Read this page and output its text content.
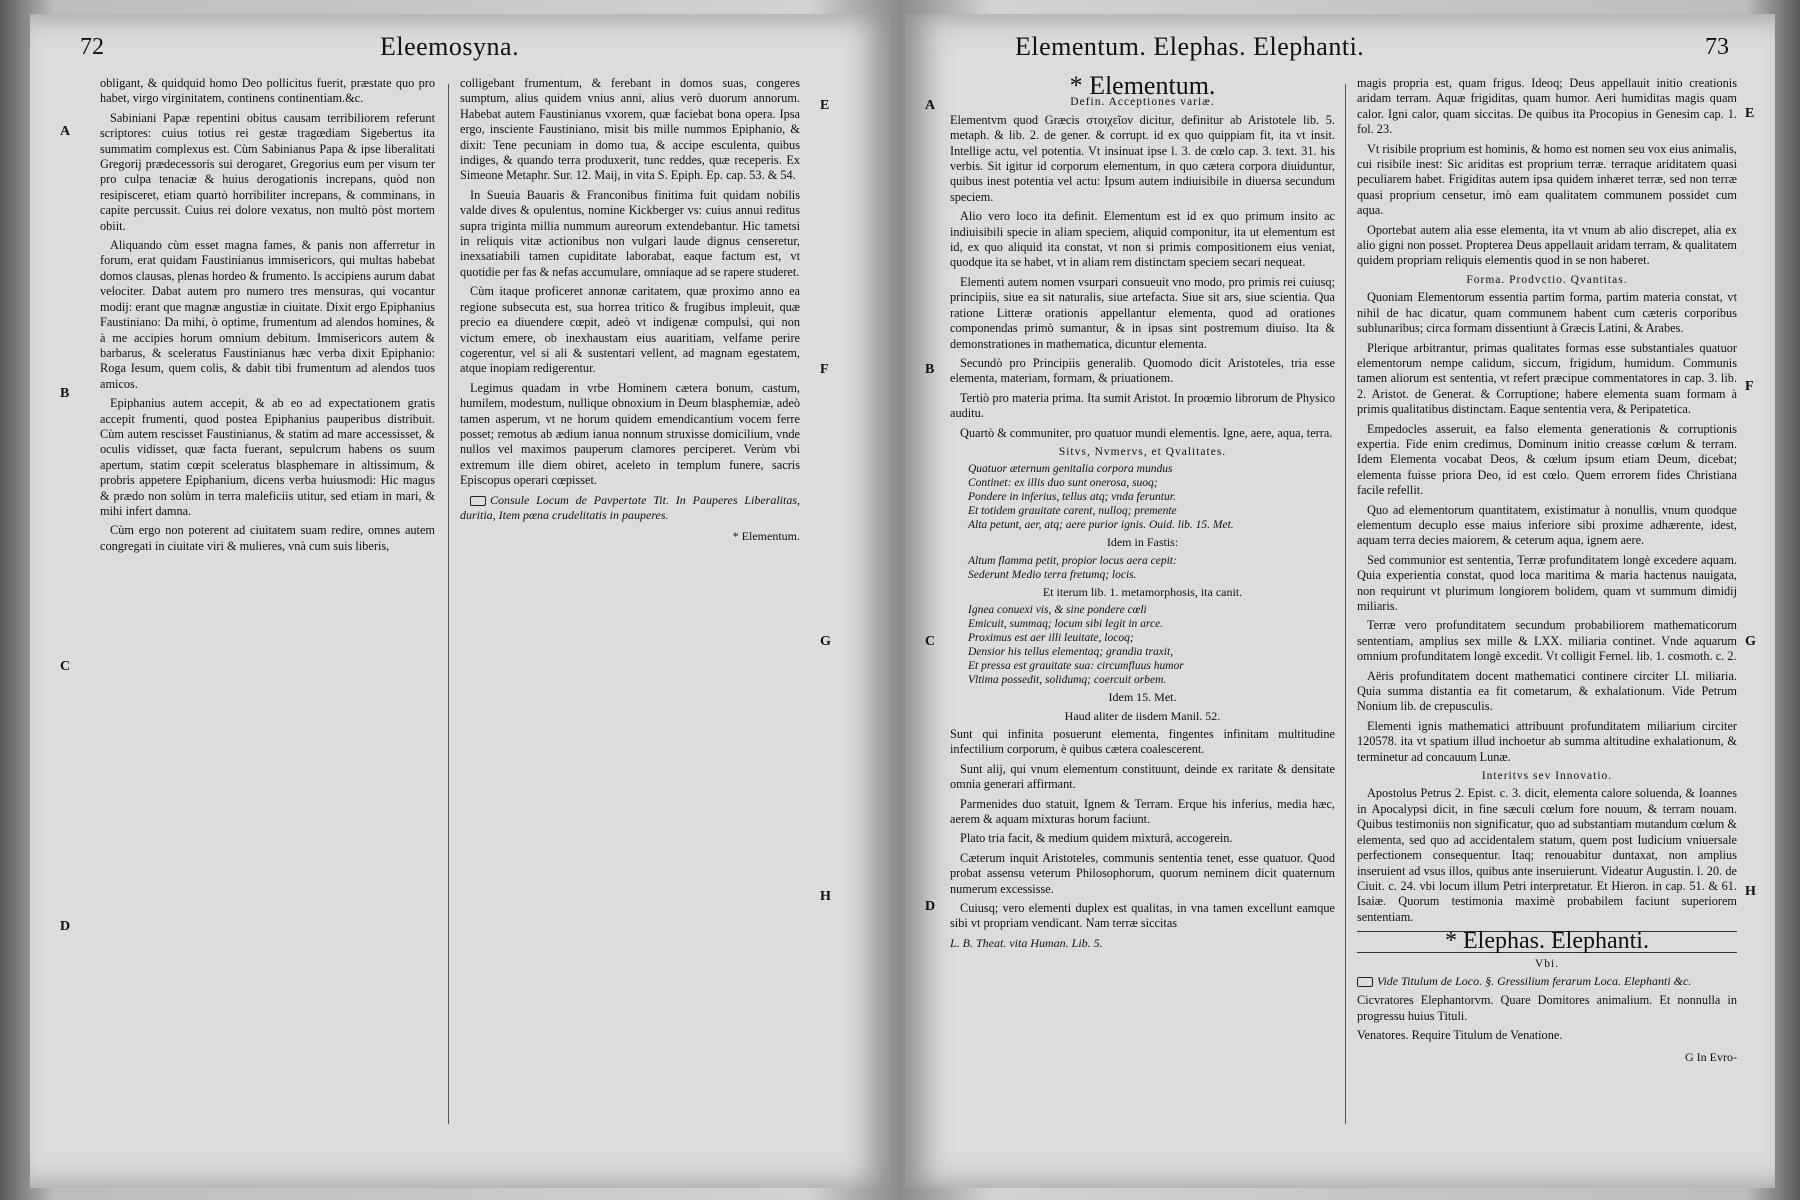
72	Eleemosyna.
A
B
C
D
E
F
G
H

obligant, & quidquid homo Deo pollicitus fuerit, præstate quo pro habet, virgo virginitatem, continens continentiam.&c.

Sabiniani Papæ repentini obitus causam terribiliorem referunt scriptores: cuius totius rei gestæ tragœdiam Sigebertus ita summatim complexus est. Cùm Sabinianus Papa & ipse liberalitati Gregorij prædecessoris sui derogaret, Gregorius eum per visum ter pro culpa tenaciæ & huius derogationis increpans, quòd non resipisceret, etiam quartò horribiliter increpans, & comminans, in capite percussit. Cuius rei dolore vexatus, non multò pòst mortem obiit.

Aliquando cùm esset magna fames, & panis non afferretur in forum, erat quidam Faustinianus immisericors, qui multas habebat domos clausas, plenas hordeo & frumento. Is accipiens aurum dabat velociter. Dabat autem pro numero tres mensuras, qui vocantur modij: erant que magnæ angustiæ in ciuitate. Dixit ergo Epiphanius Faustiniano: Da mihi, ò optime, frumentum ad alendos homines, & à me accipies horum omnium debitum. Immisericors autem & barbarus, & sceleratus Faustinianus hæc verba dixit Epiphanio: Roga Iesum, quem colis, & dabit tibi frumentum ad alendos tuos amicos.

Epiphanius autem accepit, & ab eo ad expectationem gratis accepit frumenti, quod postea Epiphanius pauperibus distribuit. Cùm autem rescisset Faustinianus, & statim ad mare accessisset, & oculis vidisset, quæ facta fuerant, sepulcrum habens os suum apertum, statim cœpit sceleratus blasphemare in altissimum, & probris appetere Epiphanium, dicens verba huiusmodi: Hic magus & prædo non solùm in terra maleficiis utitur, sed etiam in mari, & mihi infert damna.

Cùm ergo non poterent ad ciuitatem suam redire, omnes autem congregati in ciuitate viri & mulieres, vnà cum suis liberis,

colligebant frumentum, & ferebant in domos suas, congeres sumptum, alius quidem vnius anni, alius verò duorum annorum. Habebat autem Faustinianus vxorem, quæ faciebat bona opera. Ipsa ergo, insciente Faustiniano, misit bis mille nummos Epiphanio, & dixit: Tene pecuniam in domo tua, & accipe esculenta, quibus indiges, & quando terra produxerit, tunc reddes, quæ receperis. Ex Simeone Metaphr. Sur. 12. Maij, in vita S. Epiph. Ep. cap. 53. & 54.

In Sueuia Bauaris & Franconibus finitima fuit quidam nobilis valde dives & opulentus, nomine Kickberger vs: cuius annui reditus supra triginta millia nummum aureorum extendebantur. Hic tametsi in reliquis vitæ actionibus non vulgari laude dignus censeretur, inexsatiabili tamen cupiditate laborabat, eaque factum est, vt quotidie per fas & nefas accumulare, omniaque ad se rapere studeret.

Cùm itaque proficeret annonæ caritatem, quæ proximo anno ea regione subsecuta est, sua horrea tritico & frugibus impleuit, quæ precio ea diuendere cœpit, adeò vt indigenæ compulsi, qui non victum emere, ob inexhaustam eius auaritiam, velfame perire cogerentur, vel si ali & sustentari vellent, ad magnam egestatem, atque inopiam redigerentur.

Legimus quadam in vrbe Hominem cætera bonum, castum, humilem, modestum, nullique obnoxium in Deum blasphemiæ, adeò tamen asperum, vt ne horum quidem emendicantium vocem ferre posset; remotus ab ædium ianua nonnum struxisse domicilium, vnde nullos vel maximos pauperum clamores perciperet. Verùm vbi extremum ille diem obiret, aceleto in templum funere, sacris Episcopus operari cœpisset.

Consule Locum de Pavpertate Tit. In Pauperes Liberalitas, duritia, Item pœna crudelitatis in pauperes.

* Elementum.
Elementum. Elephas. Elephanti.	73
A
B
C
D
E
F
G
H
* Elementum.
Defin. Acceptiones variæ.

Elementvm quod Græcis στοιχεῖον dicitur, definitur ab Aristotele lib. 5. metaph. & lib. 2. de gener. & corrupt. id ex quo quippiam fit, ita vt insit. Intellige actu, vel potentia. Vt insinuat ipse l. 3. de cœlo cap. 3. text. 31. his verbis. Sit igitur id corporum elementum, in quo cætera corpora diuiduntur, quibus inest potentia vel actu: Ipsum autem indiuisibile in diuersa secundum speciem.

Alio vero loco ita definit. Elementum est id ex quo primum insito ac indiuisibili specie in aliam speciem, aliquid componitur, ita ut elementum est id, ex quo aliquid ita constat, vt non si primis compositionem eius veniat, quodque ita se habet, vt in aliam rem distinctam speciem secari nequeat.

Elementi autem nomen vsurpari consueuit vno modo, pro primis rei cuiusq; principiis, siue ea sit naturalis, siue artefacta. Siue sit ars, siue scientia. Qua ratione Litteræ orationis appellantur elementa, quod ad orationes componendas primò sumantur, & in ipsas sint postremum diuiso. Ita & demonstrationes in mathematica, dicuntur elementa.

Secundò pro Principiis generalib. Quomodo dicit Aristoteles, tria esse elementa, materiam, formam, & priuationem.

Tertiò pro materia prima. Ita sumit Aristot. In proœmio librorum de Physico auditu.

Quartò & communiter, pro quatuor mundi elementis. Igne, aere, aqua, terra.

Sitvs, Nvmervs, et Qvalitates.
Quatuor æternum genitalia corpora mundus
Continet: ex illis duo sunt onerosa, suoq;
Pondere in inferius, tellus atq; vnda feruntur.
Et totidem grauitate carent, nulloq; premente
Alta petunt, aer, atq; aere purior ignis. Ouid. lib. 15. Met.
Idem in Fastis:
Altum flamma petit, propior locus aera cepit:
Sederunt Medio terra fretumq; locis.
Et iterum lib. 1. metamorphosis, ita canit.
Ignea conuexi vis, & sine pondere cœli
Emicuit, summaq; locum sibi legit in arce.
Proximus est aer illi leuitate, locoq;
Densior his tellus elementaq; grandia traxit,
Et pressa est grauitate sua: circumfluus humor
Vltima possedit, solidumq; coercuit orbem.
Idem 15. Met.
Haud aliter de iisdem Manil. 52.

Sunt qui infinita posuerunt elementa, fingentes infinitam multitudine infectilium corporum, è quibus cætera coalescerent.

Sunt alij, qui vnum elementum constituunt, deinde ex raritate & densitate omnia generari affirmant.

Parmenides duo statuit, Ignem & Terram. Erque his inferius, media hæc, aerem & aquam mixturas horum faciunt.

Plato tria facit, & medium quidem mixturâ, accogerein.

Cæterum inquit Aristoteles, communis sententia tenet, esse quatuor. Quod probat assensu veterum Philosophorum, quorum neminem dicit quaternum numerum excessisse.

Cuiusq; vero elementi duplex est qualitas, in vna tamen excellunt eamque sibi vt propriam vendicant. Nam terræ siccitas

L. B. Theat. vita Human. Lib. 5.

magis propria est, quam frigus. Ideoq; Deus appellauit initio creationis aridam terram. Aquæ frigiditas, quam humor. Aeri humiditas magis quam calor. Igni calor, quam siccitas. De quibus ita Procopius in Genesim cap. 1. fol. 23.

Vt risibile proprium est hominis, & homo est nomen seu vox eius animalis, cui risibile inest: Sic ariditas est proprium terræ. terraque ariditatem quasi peculiarem habet. Frigiditas autem ipsa quidem inhæret terræ, sed non terræ quasi proprium censetur, imò eam qualitatem communem possidet cum aqua.

Oportebat autem alia esse elementa, ita vt vnum ab alio discrepet, alia ex alio gigni non posset. Propterea Deus appellauit aridam terram, & qualitatem quidem propriam reliquis elementis quod in se non haberet.

Forma. Prodvctio. Qvantitas.

Quoniam Elementorum essentia partim forma, partim materia constat, vt nihil de hac dicatur, quam communem habent cum cæteris corporibus sublunaribus; circa formam dissentiunt à Græcis Latini, & Arabes.

Plerique arbitrantur, primas qualitates formas esse substantiales quatuor elementorum nempe calidum, siccum, frigidum, humidum. Communis tamen aliorum est sententia, vt refert præcipue commentatores in cap. 3. lib. 2. Aristot. de Generat. & Corruptione; habere elementa suam formam à primis qualitatibus distinctam. Eaque sententia vera, & Peripatetica.

Empedocles asseruit, ea falso elementa generationis & corruptionis expertia. Fide enim credimus, Dominum initio creasse cœlum & terram. Idem Elementa vocabat Deos, & cœlum ipsum etiam Deum, dicebat; elementa fuisse priora Deo, id est cœlo. Quem errorem fides Christiana facile refellit.

Quo ad elementorum quantitatem, existimatur à nonullis, vnum quodque elementum decuplo esse maius inferiore sibi proxime adhærente, idest, aquam terra decies maiorem, & ceterum aqua, ignem aere.

Sed communior est sententia, Terræ profunditatem longè excedere aquam. Quia experientia constat, quod loca maritima & maria hactenus nauigata, non requirunt vt plurimum longiorem bolidem, quam vt summum dimidij miliaris.

Terræ vero profunditatem secundum probabiliorem mathematicorum sententiam, amplius sex mille & LXX. miliaria continet. Vnde aquarum omnium profunditatem longè excedit. Vt colligit Fernel. lib. 1. cosmoth. c. 2.

Aëris profunditatem docent mathematici continere circiter LI. miliaria. Quia summa distantia ea fit cometarum, & exhalationum. Vide Petrum Nonium lib. de crepusculis.

Elementi ignis mathematici attribuunt profunditatem miliarium circiter 120578. ita vt spatium illud inchoetur ab summa altitudine exhalationum, & terminetur ad concauum Lunæ.

Interitvs sev Innovatio.

Apostolus Petrus 2. Epist. c. 3. dicit, elementa calore soluenda, & Ioannes in Apocalypsi dicit, in fine sæculi cœlum fore nouum, & terram nouam. Quibus testimoniis non significatur, quo ad substantiam mutandum cœlum & elementa, sed quo ad accidentalem statum, quem post Iudicium vniuersale perfectionem consequentur. Itaq; renouabitur duntaxat, non amplius inseruient ad vsus illos, quibus ante inseruierunt. Videatur Augustin. l. 20. de Ciuit. c. 24. vbi locum illum Petri interpretatur. Et Hieron. in cap. 51. & 61. Isaiæ. Quorum testimonia maximè probabilem faciunt superiorem sententiam.

* Elephas. Elephanti.
Vbi.

Vide Titulum de Loco. §. Gressilium ferarum Loca. Elephanti &c.

Cicvratores Elephantorvm. Quare Domitores animalium. Et nonnulla in progressu huius Tituli.

Venatores. Require Titulum de Venatione.

G In Evro-
